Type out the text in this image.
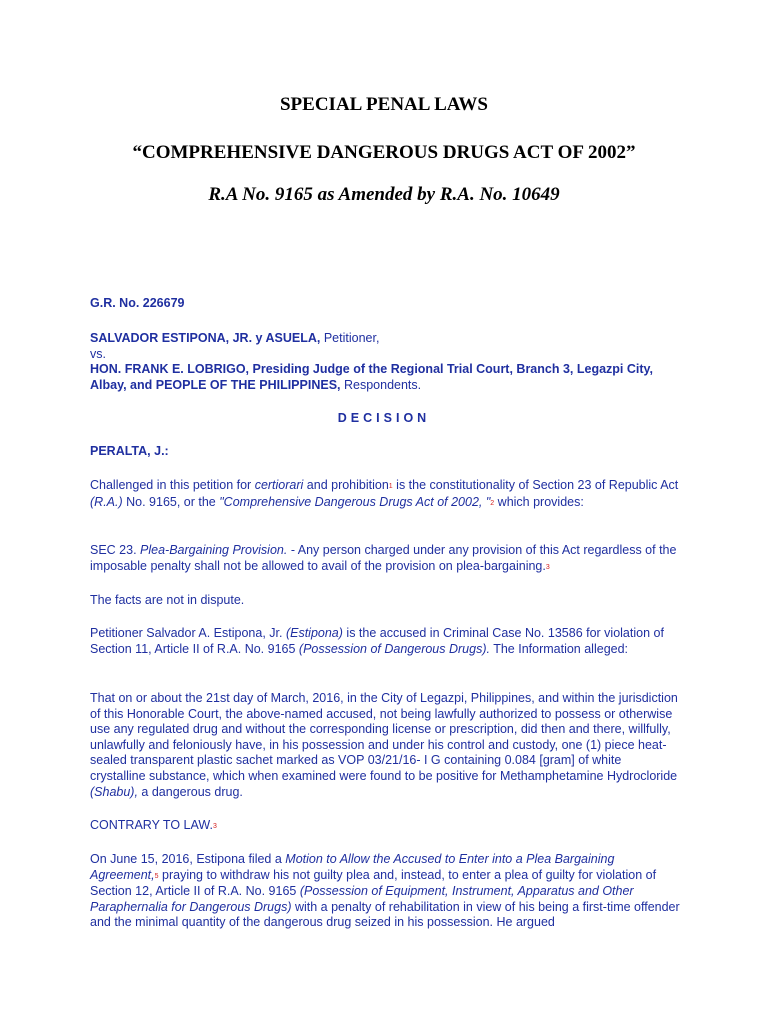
SPECIAL PENAL LAWS
“COMPREHENSIVE DANGEROUS DRUGS ACT OF 2002”
R.A No. 9165 as Amended by R.A. No. 10649
G.R. No. 226679
SALVADOR ESTIPONA, JR. y ASUELA, Petitioner,
vs.
HON. FRANK E. LOBRIGO, Presiding Judge of the Regional Trial Court, Branch 3, Legazpi City, Albay, and PEOPLE OF THE PHILIPPINES, Respondents.
DECISION
PERALTA, J.:
Challenged in this petition for certiorari and prohibition$^1$ is the constitutionality of Section 23 of Republic Act (R.A.) No. 9165, or the "Comprehensive Dangerous Drugs Act of 2002, "$^2$ which provides:
SEC 23. Plea-Bargaining Provision. - Any person charged under any provision of this Act regardless of the imposable penalty shall not be allowed to avail of the provision on plea-bargaining.$^3$
The facts are not in dispute.
Petitioner Salvador A. Estipona, Jr. (Estipona) is the accused in Criminal Case No. 13586 for violation of Section 11, Article II of R.A. No. 9165 (Possession of Dangerous Drugs). The Information alleged:
That on or about the 21st day of March, 2016, in the City of Legazpi, Philippines, and within the jurisdiction of this Honorable Court, the above-named accused, not being lawfully authorized to possess or otherwise use any regulated drug and without the corresponding license or prescription, did then and there, willfully, unlawfully and feloniously have, in his possession and under his control and custody, one (1) piece heat-sealed transparent plastic sachet marked as VOP 03/21/16- I G containing 0.084 [gram] of white crystalline substance, which when examined were found to be positive for Methamphetamine Hydrocloride (Shabu), a dangerous drug.
CONTRARY TO LAW.$^3$
On June 15, 2016, Estipona filed a Motion to Allow the Accused to Enter into a Plea Bargaining Agreement,$^5$ praying to withdraw his not guilty plea and, instead, to enter a plea of guilty for violation of Section 12, Article II of R.A. No. 9165 (Possession of Equipment, Instrument, Apparatus and Other Paraphernalia for Dangerous Drugs) with a penalty of rehabilitation in view of his being a first-time offender and the minimal quantity of the dangerous drug seized in his possession. He argued
